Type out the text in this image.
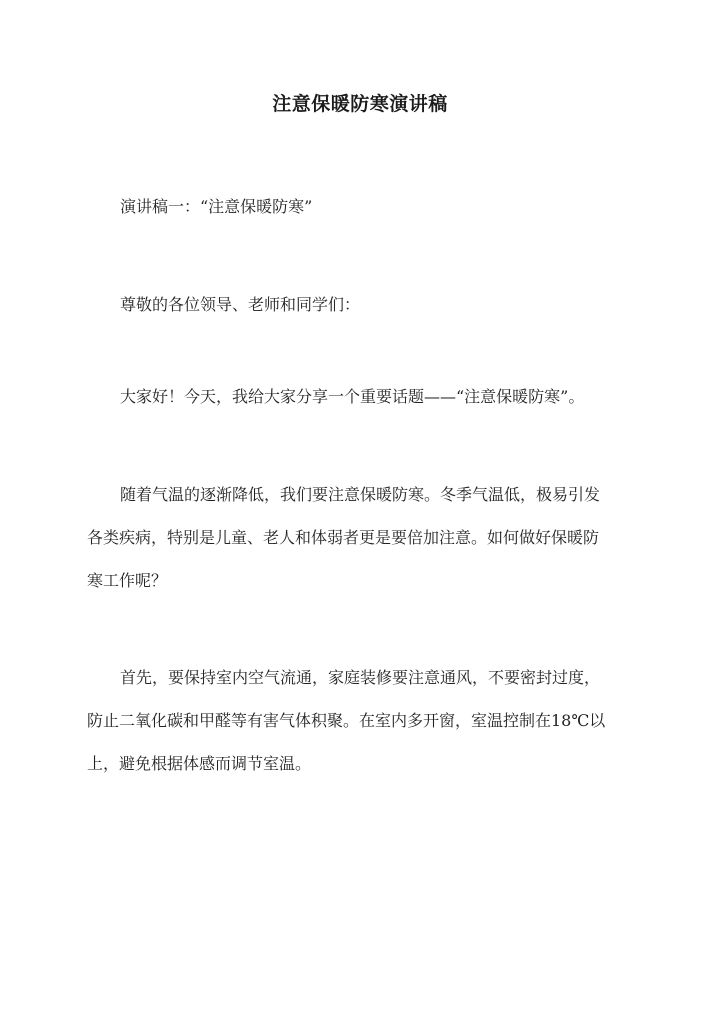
注意保暖防寒演讲稿

演讲稿一：“注意保暖防寒”

尊敬的各位领导、老师和同学们：

大家好！今天，我给大家分享一个重要话题——“注意保暖防寒”。

随着气温的逐渐降低，我们要注意保暖防寒。冬季气温低，极易引发

各类疾病，特别是儿童、老人和体弱者更是要倍加注意。如何做好保暖防

寒工作呢？

首先，要保持室内空气流通，家庭装修要注意通风，不要密封过度，

防止二氧化碳和甲醛等有害气体积聚。在室内多开窗，室温控制在18℃以

上，避免根据体感而调节室温。
